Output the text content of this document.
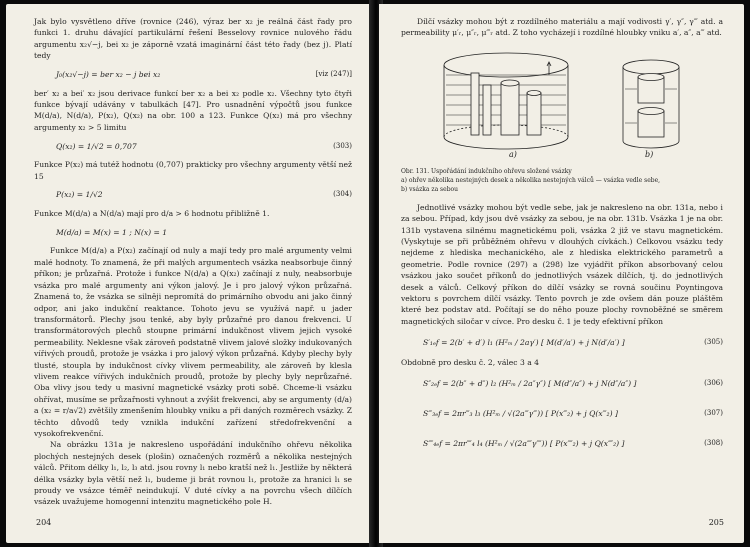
Jak bylo vysvětleno dříve (rovnice (246), výraz ber x₂ je reálná část řady pro funkci 1. druhu dávající partikulární řešení Besselovy rovnice nulového řádu argumentu x₂√−j, bei x₂ je záporně vzatá imaginární část této řady (bez j). Platí tedy

J₀(x₂√−j) = ber x₂ − j bei x₂	[viz (247)]

ber′ x₂ a bei′ x₂ jsou derivace funkcí ber x₂ a bei x₂ podle x₂. Všechny tyto čtyři funkce bývají udávány v tabulkách [47]. Pro usnadnění výpočtů jsou funkce M(d/a), N(d/a), P(x₂), Q(x₂) na obr. 100 a 123. Funkce Q(x₂) má pro všechny argumenty x₂ > 5 limitu

Q(x₂) = 1/√2 = 0,707	(303)

Funkce P(x₂) má tutéž hodnotu (0,707) prakticky pro všechny argumenty větší než 15

P(x₂) = 1/√2	(304)

Funkce M(d/a) a N(d/a) mají pro d/a > 6 hodnotu přibližně 1.

M(d/a) = M(x) = 1 ; N(x) = 1

Funkce M(d/a) a P(x₂) začínají od nuly a mají tedy pro malé argumenty velmi malé hodnoty. To znamená, že při malých argumentech vsázka neabsorbuje činný příkon; je průzařná. Protože i funkce N(d/a) a Q(x₂) začínají z nuly, neabsorbuje vsázka pro malé argumenty ani výkon jalový. Je i pro jalový výkon průzařná. Znamená to, že vsázka se silněji nepromítá do primárního obvodu ani jako činný odpor, ani jako indukční reaktance. Tohoto jevu se využívá např. u jader transformátorů. Plechy jsou tenké, aby byly průzařné pro danou frekvenci. U transformátorových plechů stoupne primární indukčnost vlivem jejich vysoké permeability. Neklesne však zároveň podstatně vlivem jalové složky indukovaných vířivých proudů, protože je vsázka i pro jalový výkon průzařná. Kdyby plechy byly tlusté, stoupla by indukčnost cívky vlivem permeability, ale zároveň by klesla vlivem reakce vířivých indukčních proudů, protože by plechy byly neprůzařné. Oba vlivy jsou tedy u masivní magnetické vsázky proti sobě. Chceme-li vsázku ohřívat, musíme se průzařnosti vyhnout a zvýšit frekvenci, aby se argumenty (d/a) a (x₂ = r/a√2) zvětšily zmenšením hloubky vniku a při daných rozměrech vsázky. Z těchto důvodů tedy vznikla indukční zařízení středofrekvenční a vysokofrekvenční.

Na obrázku 131a je nakresleno uspořádání indukčního ohřevu několika plochých nestejných desek (plošin) označených rozměrů a několika nestejných válců. Přitom délky l₁, l₂, l₃ atd. jsou rovny l₁ nebo kratší než l₁. Jestliže by některá délka vsázky byla větší než l₁, budeme ji brát rovnou l₁, protože za hranici l₁ se proudy ve vsázce téměř neindukují. V duté cívky a na povrchu všech dílčích vsázek uvažujeme homogenní intenzitu magnetického pole H.

204

Dílčí vsázky mohou být z rozdílného materiálu a mají vodivosti γ′, γ″, γ‴ atd. a permeability μ′ᵣ, μ″ᵣ, μ‴ᵣ atd. Z toho vycházejí i rozdílné hloubky vniku a′, a″, a‴ atd.

a)	b)
Obr. 131. Uspořádání indukčního ohřevu složené vsázky
a) ohřev několika nestejných desek a několika nestejných válců — vsázka vedle sebe,
b) vsázka za sebou

Jednotlivé vsázky mohou být vedle sebe, jak je nakresleno na obr. 131a, nebo i za sebou. Případ, kdy jsou dvě vsázky za sebou, je na obr. 131b. Vsázka 1 je na obr. 131b vystavena silnému magnetickému poli, vsázka 2 již ve stavu magnetickém. (Vyskytuje se při průběžném ohřevu v dlouhých cívkách.) Celkovou vsázku tedy nejdeme z hlediska mechanického, ale z hlediska elektrického parametrů a geometrie. Podle rovnice (297) a (298) lze vyjádřit příkon absorbovaný celou vsázkou jako součet příkonů do jednotlivých vsázek dílčích, tj. do jednotlivých desek a válců. Celkový příkon do dílčí vsázky se rovná součinu Poyntingova vektoru s povrchem dílčí vsázky. Tento povrch je zde ovšem dán pouze pláštěm které bez podstav atd. Počítají se do něho pouze plochy rovnoběžné se směrem magnetických siločar v cívce. Pro desku č. 1 je tedy efektivní příkon

S′₁ₑf = 2(b′ + d′) l₁ (H²ₘ / 2aγ′) [ M(d′/a′) + j N(d′/a′) ]	(305)

Obdobně pro desku č. 2, válec 3 a 4

S″₂ₑf = 2(b″ + d″) l₂ (H²ₘ / 2a″γ″) [ M(d″/a″) + j N(d″/a″) ]	(306)
S‴₃ₑf = 2πr‴₃ l₃ (H²ₘ / √(2a‴γ‴)) [ P(x‴₂) + j Q(x‴₂) ]	(307)
S⁗₄ₑf = 2πr⁗₄ l₄ (H²ₘ / √(2a⁗γ⁗)) [ P(x⁗₂) + j Q(x⁗₂) ]	(308)
205
